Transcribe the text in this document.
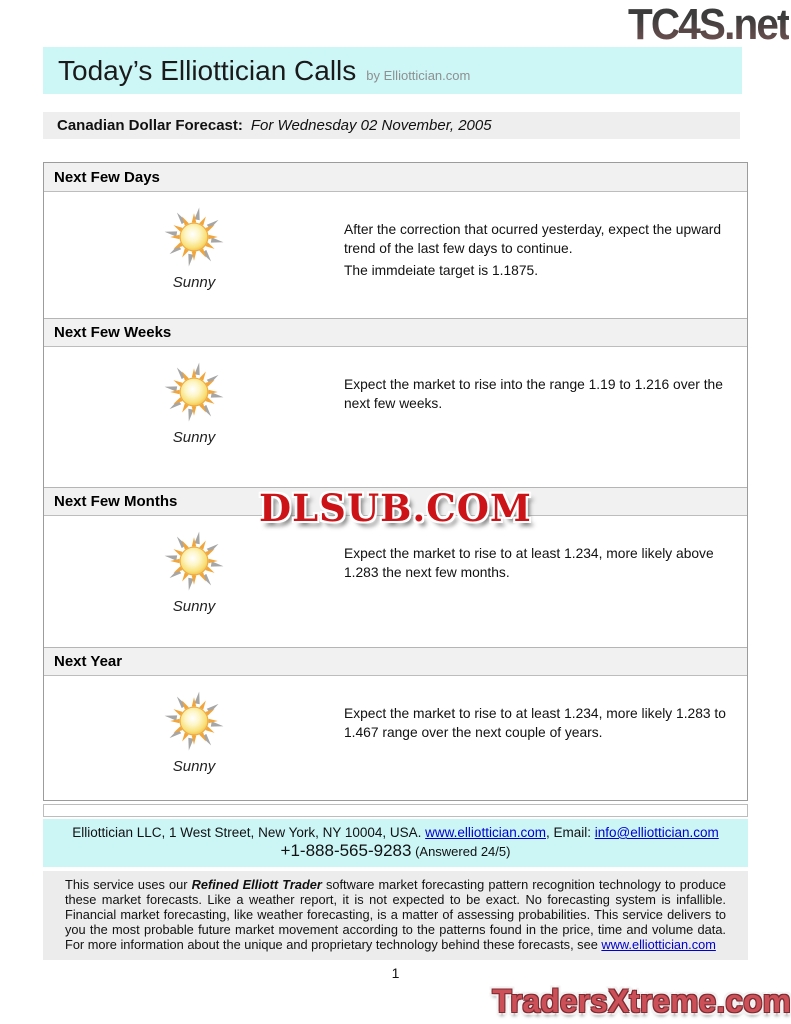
TC4S.net
DLSUB.COM
TradersXtreme.com
Today’s Elliottician Calls by Elliottician.com
Canadian Dollar Forecast: For Wednesday 02 November, 2005
Next Few Days
Sunny

After the correction that ocurred yesterday, expect the upward trend of the last few days to continue.

The immdeiate target is 1.1875.

Next Few Weeks
Sunny

Expect the market to rise into the range 1.19 to 1.216 over the next few weeks.

Next Few Months
Sunny

Expect the market to rise to at least 1.234, more likely above 1.283 the next few months.

Next Year
Sunny

Expect the market to rise to at least 1.234, more likely 1.283 to 1.467 range over the next couple of years.

Elliottician LLC, 1 West Street, New York, NY 10004, USA. www.elliottician.com, Email: info@elliottician.com
+1-888-565-9283 (Answered 24/5)
This service uses our Refined Elliott Trader software market forecasting pattern recognition technology to produce these market forecasts. Like a weather report, it is not expected to be exact. No forecasting system is infallible. Financial market forecasting, like weather forecasting, is a matter of assessing probabilities. This service delivers to you the most probable future market movement according to the patterns found in the price, time and volume data. For more information about the unique and proprietary technology behind these forecasts, see www.elliottician.com
1
